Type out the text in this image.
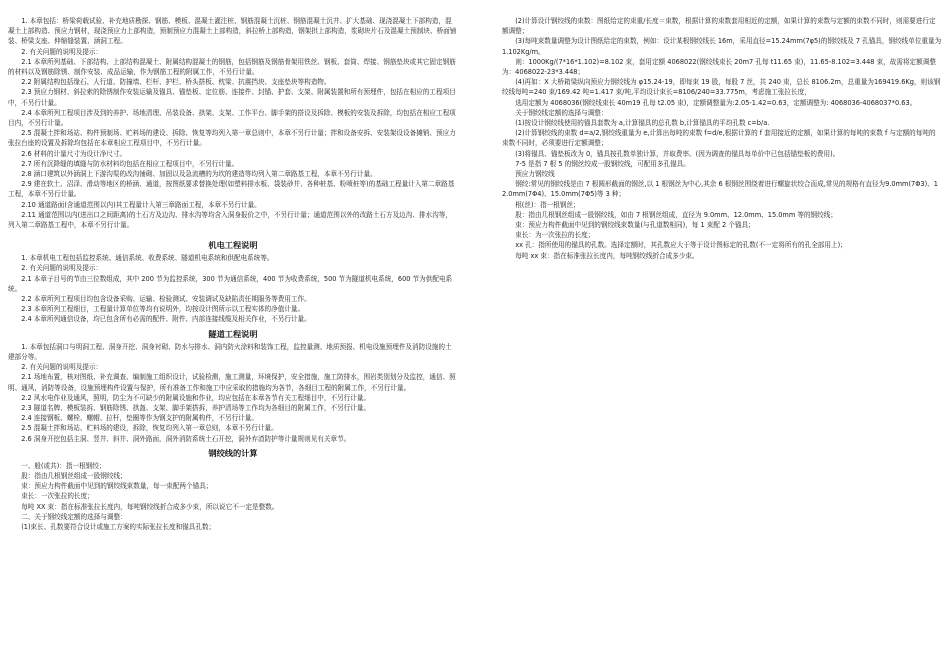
1. 本章包括：桥梁荷载试验、补充地质勘探、钢筋、模板、混凝土灌注桩、钢筋混凝土沉桩、钢筋混凝土沉井、扩大基础、现浇混凝土下部构造，混凝土上部构造、预应力钢材，现浇预应力上部构造，预制预应力混凝土上部构造，斜拉桥上部构造，钢架拱上部构造，浆砌块片石及混凝土预制块、桥面铺装、桥梁支座、伸缩缝装置、涵洞工程。

2. 有关问题的说明及提示：

2.1 本章所列基础、下部结构、上部结构混凝土、附属结构混凝土的钢筋，包括钢筋及钢筋骨架用铁丝、钢板、套筒、焊接、钢筋垫块或其它固定钢筋的材料以及钢筋除锈、制作安装、成品运输，作为钢筋工程的附属工作，不另行计量。

2.2 附属结构包括缘石、人行道、防撞墙、栏杆、护栏、桥头搭板、枕梁、抗震挡块、支座垫块等构造物。

2.3 预应力钢材、斜拉索的除锈制作安装运输及锚具、锚垫板、定位筋、连接件、封锚、护套、支架、附属装置和所有预埋件，包括在相应的工程项目中，不另行计量。

2.4 本章所列工程项目涉及到的养护、场地清理、吊装设备、拱架、支架、工作平台、脚手架的搭设及拆除、模板的安装及拆除，均包括在相应工程项目内，不另行计量。

2.5 混凝土拌和场站、构件预制场、贮料场的建设、拆除、恢复等均列入第一章总则中，本章不另行计量；拌和设备安拆、安装架设设备摊销、预应力张拉台座的设置及拆除均包括在本章相应工程项目中，不另行计量。

2.6 材料的计量尺寸为设计净尺寸。

2.7 所有沉降缝的填缝与防水材料均包括在相应工程项目中，不另行计量。

2.8 涵口建筑以外涵洞上下游沟渠的改沟铺砌、加固以及急流槽的为坎的建造等均列入第二章路基工程，本章不另行计量。

2.9 建在软土、沼泽、滑动等地区的桥涵、通道，按图纸要求替换处理(如塑料排水板、袋装砂井、各种桩基、粉喷桩等)的基础工程量计入第二章路基工程，本章不另行计量。

2.10 通道路面(含通道范围以内)其工程量计入第三章路面工程，本章不另行计量。

2.11 通道范围以内(进出口之间距离)的土石方及边沟、排水沟等均含入洞身报价之中，不另行计量；通道范围以外的改路土石方及边沟、排水沟等，列入第二章路基工程中，本章不另行计量。

机电工程说明

1. 本章机电工程包括监控系统、通信系统、收费系统、隧道机电系统和供配电系统等。

2. 有关问题的说明及提示：

2.1 本章子目号的节由三位数组成，其中 200 节为监控系统，300 节为通信系统，400 节为收费系统，500 节为隧道机电系统，600 节为供配电系统。

2.2 本章所列工程项目均包含设备采购、运输、检验测试、安装调试及缺陷责任期服务等费用工作。

2.3 本章所列工程细目，工程量计算单位等均有说明外，均按设计图所示以工程实体的净值计量。

2.4 本章所列通信设备，均已包含所有必需的配件、附件、内部连接线缆及相关作业，不另行计量。

隧道工程说明

1. 本章包括洞口与明洞工程、洞身开挖、洞身衬砌、防水与排水、洞内防火涂料和装饰工程，监控量测、地质预报、机电设施预埋件及消防设施的土建部分等。

2. 有关问题的说明及提示：

2.1 场地布置，核对图纸、补充调查、编制施工组织设计，试验检测，施工测量，环境保护，安全措施，施工防排水，围岩类别划分及监控，通信、照明、通风，消防等设备，设施预埋构件设置与保护，所有准备工作和施工中应采取的措施均为各节，各细目工程的附属工作，不另行计量。

2.2 风水电作业及通风，照明，防尘为不可缺少的附属设施和作业，均应包括在本章各节有关工程细目中，不另行计量。

2.3 隧道名牌、模板装拆、钢筋除锈、拱盔、支架、脚手架搭拆，养护清场等工作均为各细目的附属工作，不另行计量。

2.4 连接钢板、螺栓、螺帽、拉杆，垫圈等作为钢支护的附属构件，不另行计量。

2.5 混凝土拌和场站、贮料场的建设，拆除，恢复均列入第一章总则，本章不另行计量。

2.6 洞身开挖包括主洞、竖井、斜井、洞外路面，洞外消防系统土石开挖，洞外弃渣防护等计量规则见有关章节。

钢绞线的计算

一、般(或共)：指一根钢绞；

股：指由几根钢丝组成一股钢绞线；

束：预应力构件截面中见到的钢绞线束数量，每一束配两个锚具；

束长：一次张拉的长度；

每吨 XX 束：指在标准张拉长度内，每吨钢绞线折合成多少束，所以说它不一定是整数。

二、关于钢绞线定额的选择与调整：

(1)束长、孔数要符合设计或施工方案的实际张拉长度和锚具孔数；

(2)计算设计钢绞线的束数：图纸给定的束重/长度＝束数，根据计算的束数套用相近的定额，如果计算的束数与定额的束数不同时，则需要进行定额调整；

(3)每吨束数量调整为设计图纸给定的束数，例如：设计某根钢绞线长 16m，采用直径=15.24mm(7φ5)的钢绞线及 7 孔锚具，钢绞线单位重量为 1.102Kg/m。

则：1000Kg/(7*16*1.102)=8.102 束，套用定额 4068022(钢绞线束长 20m7 孔每 t11.65 束)，11.65-8.102=3.448 束，故需将定额调整为：4068022-23*3.448；

(4)再如：X 大桥箱梁纵向预应力钢绞线为 φ15.24-19，即每束 19 股，每股 7 丝，共 240 束，总长 8106.2m，总重量为169419.6Kg，则该钢绞线每吨=240 束/169.42 吨=1.417 束/吨,平均设计束长=8106/240=33.775m，考虑施工张拉长度，

选用定额为 4068036(钢绞线束长 40m19 孔每 t2.05 束)，定额调整量为:2.05-1.42=0.63，定额调整为: 4068036-4068037*0.63。

关于钢绞线定额的选择与调整：

(1)按设计钢绞线使用的锚具套数为 a,计算锚具的总孔数 b,计算锚具的平均孔数 c=b/a.

(2)计算钢绞线的束数 d=a/2,钢绞线重量为 e,计算出每吨的束数 f=d/e,根据计算的 f 套用接近的定额，如果计算的每吨的束数 f 与定额的每吨的束数不同时，必须要进行定额调整；

(3)将锚具、锚垫板改为 0，锚具按孔数单独计算，并取费率。(因为调查的锚具每单价中已包括锚垫板的费用)。

7-5 是指 7 根 5 的钢丝绞成一股钢绞线，可配用多孔锚具。

预应力钢绞线

钢绞:常见的钢绞线是由 7 根圆形截面的钢丝,以 1 根钢丝为中心,其余 6 根钢丝围绕着进行螺旋状绞合而成,常见的规格有直径为9.0mm(7Φ3)、12.0mm(7Φ4)、15.0mm(7Φ5)等 3 种；

根(丝)：指一根钢丝；

股：指由几根钢丝组成一股钢绞线，如由 7 根钢丝组成，直径为 9.0mm、12.0mm、15.0mm 等的钢绞线；

束：预应力构件截面中见到的钢绞线束数量(与孔道数相同)，每 1 束配 2 个锚具；

束长：为一次张拉的长度；

xx 孔：指所使用的锚具的孔数。选择定额时，其孔数应大于等于设计图标定的孔数(不一定将所有的孔全部用上)；

每吨 xx 束：指在标准张拉长度内，每吨钢绞线折合成多少束。
